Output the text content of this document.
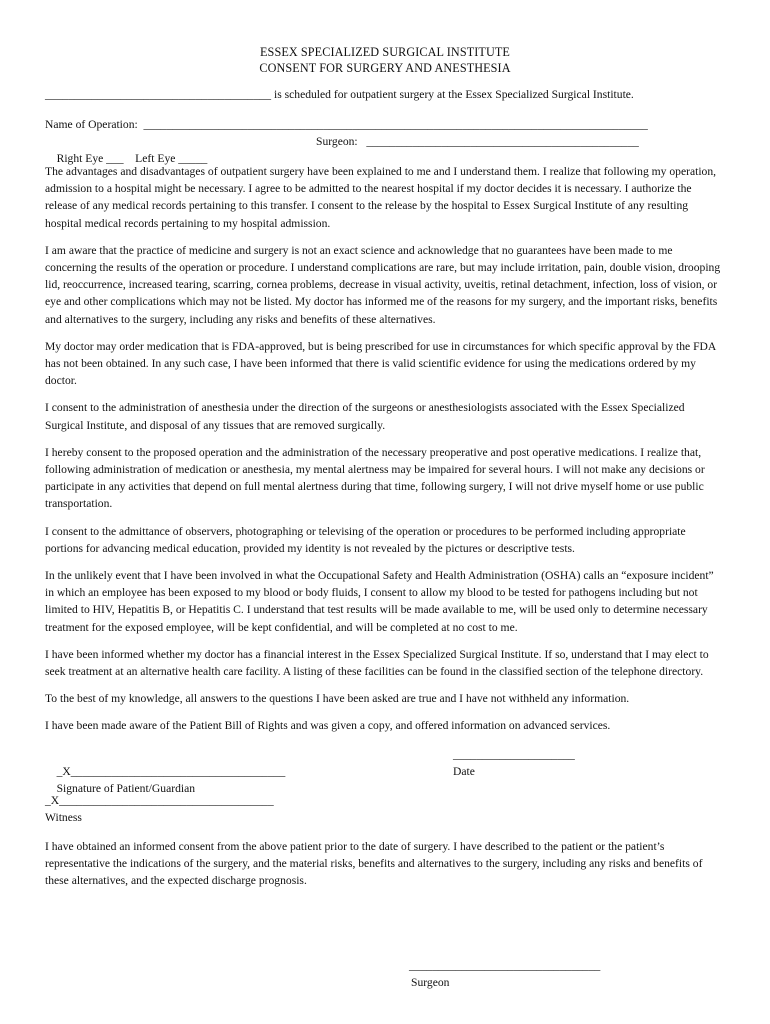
ESSEX SPECIALIZED SURGICAL INSTITUTE
CONSENT FOR SURGERY AND ANESTHESIA
_______________________________________ is scheduled for outpatient surgery at the Essex Specialized Surgical Institute.
Name of Operation:  _______________________________________________________________________________________

Right Eye ___    Left Eye _____

Surgeon:   _______________________________________________

The advantages and disadvantages of outpatient surgery have been explained to me and I understand them. I realize that following my operation, admission to a hospital might be necessary. I agree to be admitted to the nearest hospital if my doctor decides it is necessary. I authorize the release of any medical records pertaining to this transfer. I consent to the release by the hospital to Essex Surgical Institute of any resulting hospital medical records pertaining to my hospital admission.

I am aware that the practice of medicine and surgery is not an exact science and acknowledge that no guarantees have been made to me concerning the results of the operation or procedure. I understand complications are rare, but may include irritation, pain, double vision, drooping lid, reoccurrence, increased tearing, scarring, cornea problems, decrease in visual activity, uveitis, retinal detachment, infection, loss of vision, or eye and other complications which may not be listed. My doctor has informed me of the reasons for my surgery, and the important risks, benefits and alternatives to the surgery, including any risks and benefits of these alternatives.

My doctor may order medication that is FDA-approved, but is being prescribed for use in circumstances for which specific approval by the FDA has not been obtained. In any such case, I have been informed that there is valid scientific evidence for using the medications ordered by my doctor.

I consent to the administration of anesthesia under the direction of the surgeons or anesthesiologists associated with the Essex Specialized Surgical Institute, and disposal of any tissues that are removed surgically.

I hereby consent to the proposed operation and the administration of the necessary preoperative and post operative medications. I realize that, following administration of medication or anesthesia, my mental alertness may be impaired for several hours. I will not make any decisions or participate in any activities that depend on full mental alertness during that time, following surgery, I will not drive myself home or use public transportation.

I consent to the admittance of observers, photographing or televising of the operation or procedures to be performed including appropriate portions for advancing medical education, provided my identity is not revealed by the pictures or descriptive tests.

In the unlikely event that I have been involved in what the Occupational Safety and Health Administration (OSHA) calls an “exposure incident” in which an employee has been exposed to my blood or body fluids, I consent to allow my blood to be tested for pathogens including but not limited to HIV, Hepatitis B, or Hepatitis C. I understand that test results will be made available to me, will be used only to determine necessary treatment for the exposed employee, will be kept confidential, and will be completed at no cost to me.

I have been informed whether my doctor has a financial interest in the Essex Specialized Surgical Institute. If so, understand that I may elect to seek treatment at an alternative health care facility. A listing of these facilities can be found in the classified section of the telephone directory.

To the best of my knowledge, all answers to the questions I have been asked are true and I have not withheld any information.

I have been made aware of the Patient Bill of Rights and was given a copy, and offered information on advanced services.

_X_____________________________________

_____________________

Signature of Patient/Guardian

Date

_X_____________________________________
Witness

I have obtained an informed consent from the above patient prior to the date of surgery. I have described to the patient or the patient’s representative the indications of the surgery, and the material risks, benefits and alternatives to the surgery, including any risks and benefits of these alternatives, and the expected discharge prognosis.

_________________________________
Surgeon
